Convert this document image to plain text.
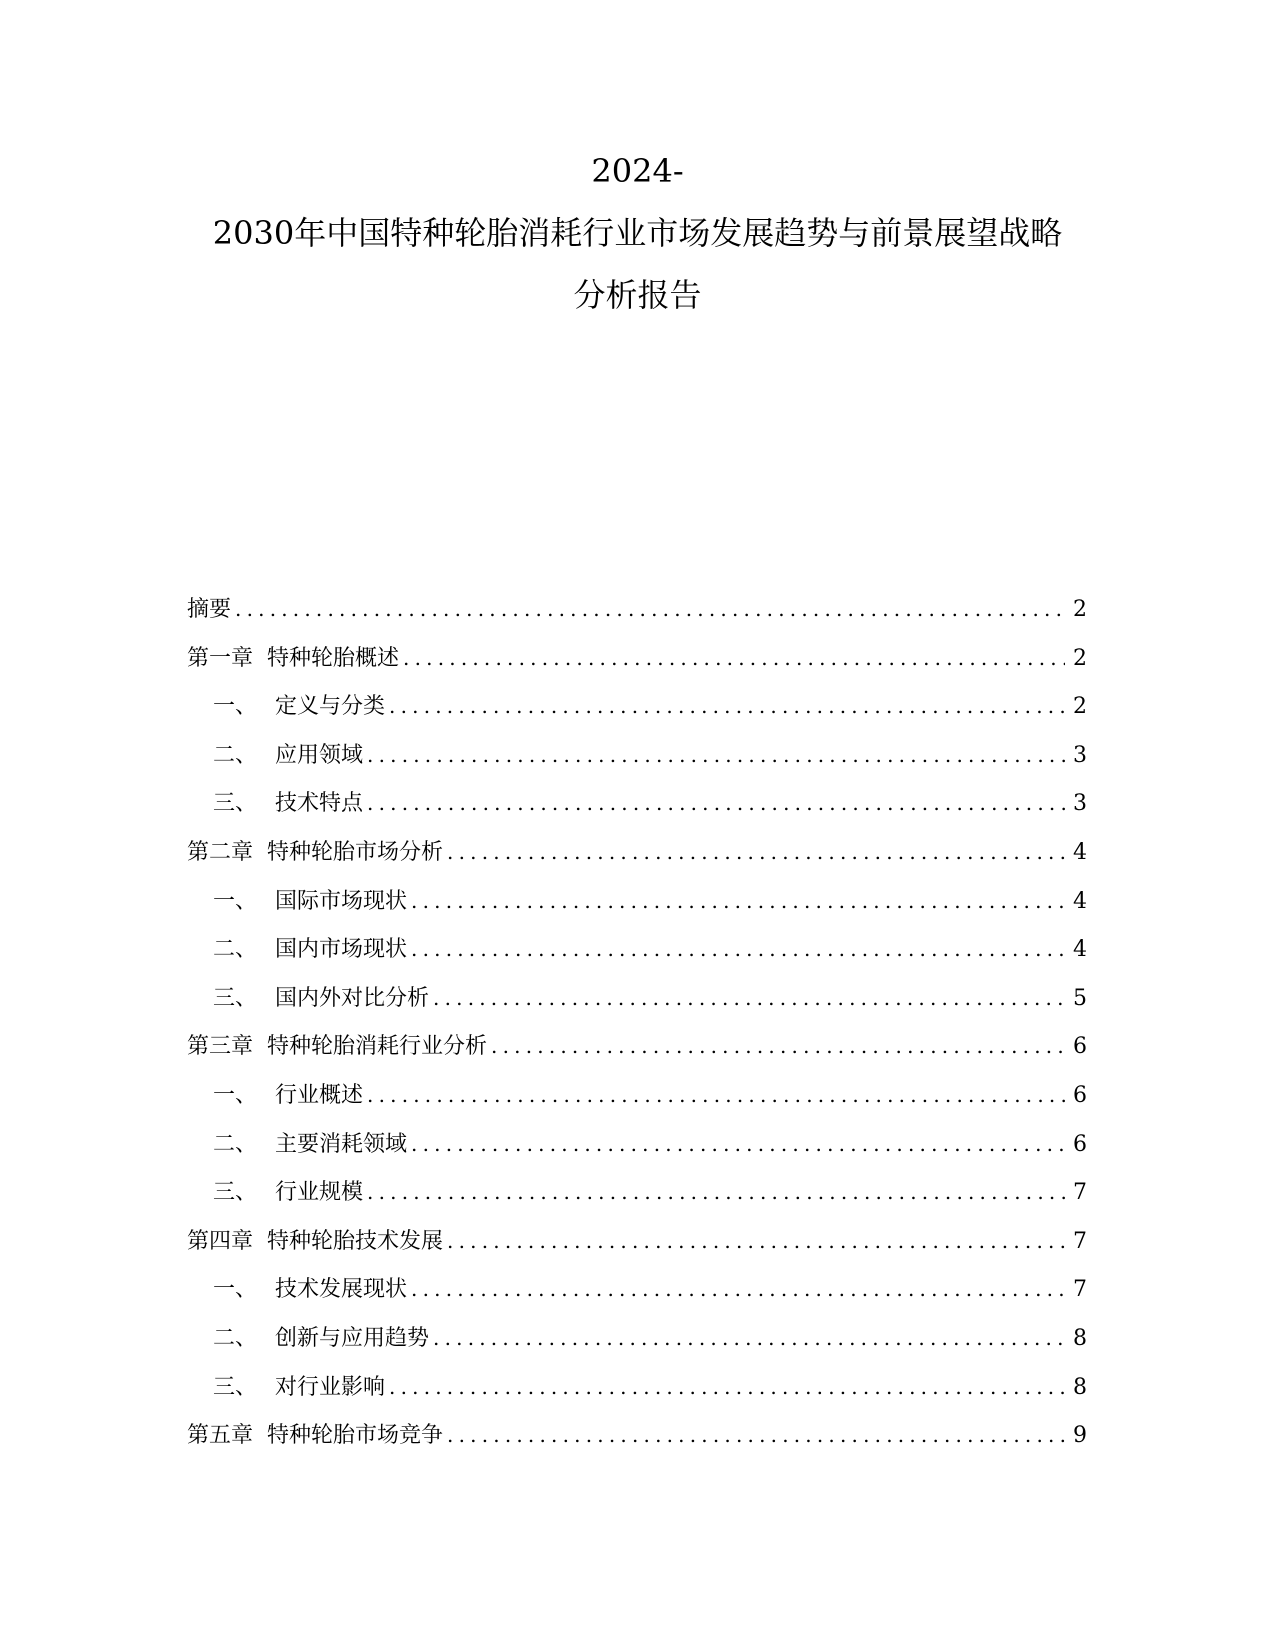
2024-
2030年中国特种轮胎消耗行业市场发展趋势与前景展望战略
分析报告
摘要 .....	2
第一章 特种轮胎概述 .....	2
一、 定义与分类 .....	2
二、 应用领域 .....	3
三、 技术特点 .....	3
第二章 特种轮胎市场分析 .....	4
一、 国际市场现状 .....	4
二、 国内市场现状 .....	4
三、 国内外对比分析 .....	5
第三章 特种轮胎消耗行业分析 .....	6
一、 行业概述 .....	6
二、 主要消耗领域 .....	6
三、 行业规模 .....	7
第四章 特种轮胎技术发展 .....	7
一、 技术发展现状 .....	7
二、 创新与应用趋势 .....	8
三、 对行业影响 .....	8
第五章 特种轮胎市场竞争 .....	9
